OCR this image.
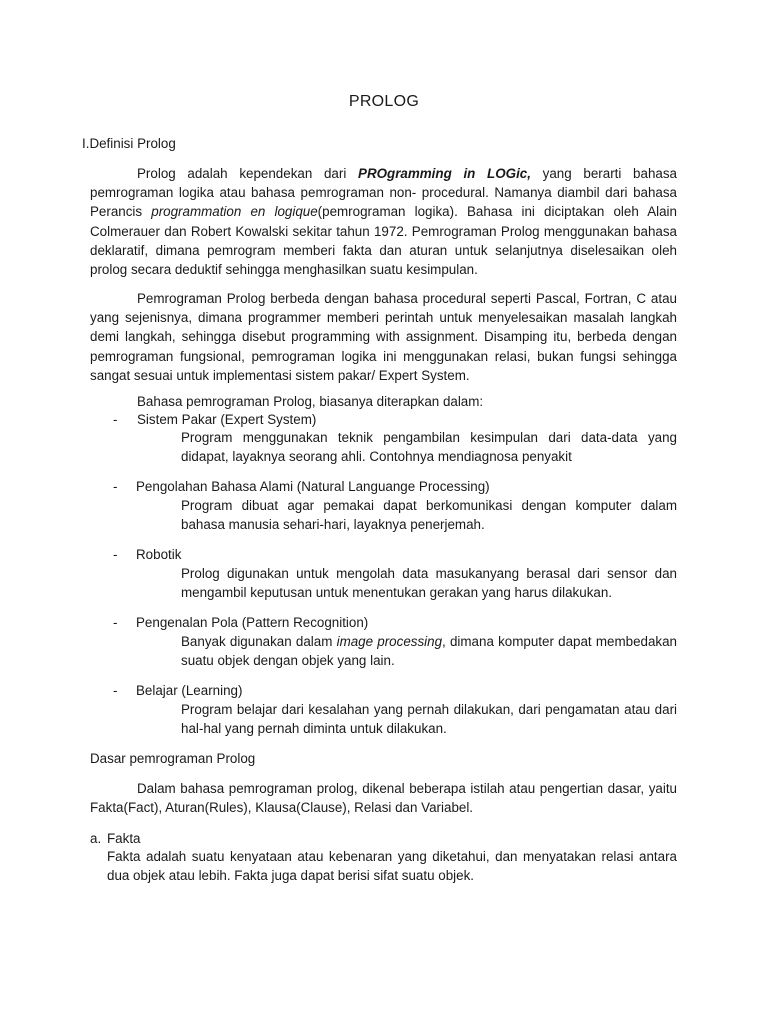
PROLOG
I.Definisi Prolog

Prolog adalah kependekan dari PROgramming in LOGic, yang berarti bahasa pemrograman logika atau bahasa pemrograman non- procedural. Namanya diambil dari bahasa Perancis programmation en logique(pemrograman logika). Bahasa ini diciptakan oleh Alain Colmerauer dan Robert Kowalski sekitar tahun 1972. Pemrograman Prolog menggunakan bahasa deklaratif, dimana pemrogram memberi fakta dan aturan untuk selanjutnya diselesaikan oleh prolog secara deduktif sehingga menghasilkan suatu kesimpulan.

Pemrograman Prolog berbeda dengan bahasa procedural seperti Pascal, Fortran, C atau yang sejenisnya, dimana programmer memberi perintah untuk menyelesaikan masalah langkah demi langkah, sehingga disebut programming with assignment. Disamping itu, berbeda dengan pemrograman fungsional, pemrograman logika ini menggunakan relasi, bukan fungsi sehingga sangat sesuai untuk implementasi sistem pakar/ Expert System.

Bahasa pemrograman Prolog, biasanya diterapkan dalam:
- Sistem Pakar (Expert System)

Program menggunakan teknik pengambilan kesimpulan dari data-data yang didapat, layaknya seorang ahli. Contohnya mendiagnosa penyakit

- Pengolahan Bahasa Alami (Natural Languange Processing)

Program dibuat agar pemakai dapat berkomunikasi dengan komputer dalam bahasa manusia sehari-hari, layaknya penerjemah.

- Robotik

Prolog digunakan untuk mengolah data masukanyang berasal dari sensor dan mengambil keputusan untuk menentukan gerakan yang harus dilakukan.

- Pengenalan Pola (Pattern Recognition)

Banyak digunakan dalam image processing, dimana komputer dapat membedakan suatu objek dengan objek yang lain.

- Belajar (Learning)

Program belajar dari kesalahan yang pernah dilakukan, dari pengamatan atau dari hal-hal yang pernah diminta untuk dilakukan.

Dasar pemrograman Prolog

Dalam bahasa pemrograman prolog, dikenal beberapa istilah atau pengertian dasar, yaitu Fakta(Fact), Aturan(Rules), Klausa(Clause), Relasi dan Variabel.

a. Fakta

Fakta adalah suatu kenyataan atau kebenaran yang diketahui, dan menyatakan relasi antara dua objek atau lebih. Fakta juga dapat berisi sifat suatu objek.
